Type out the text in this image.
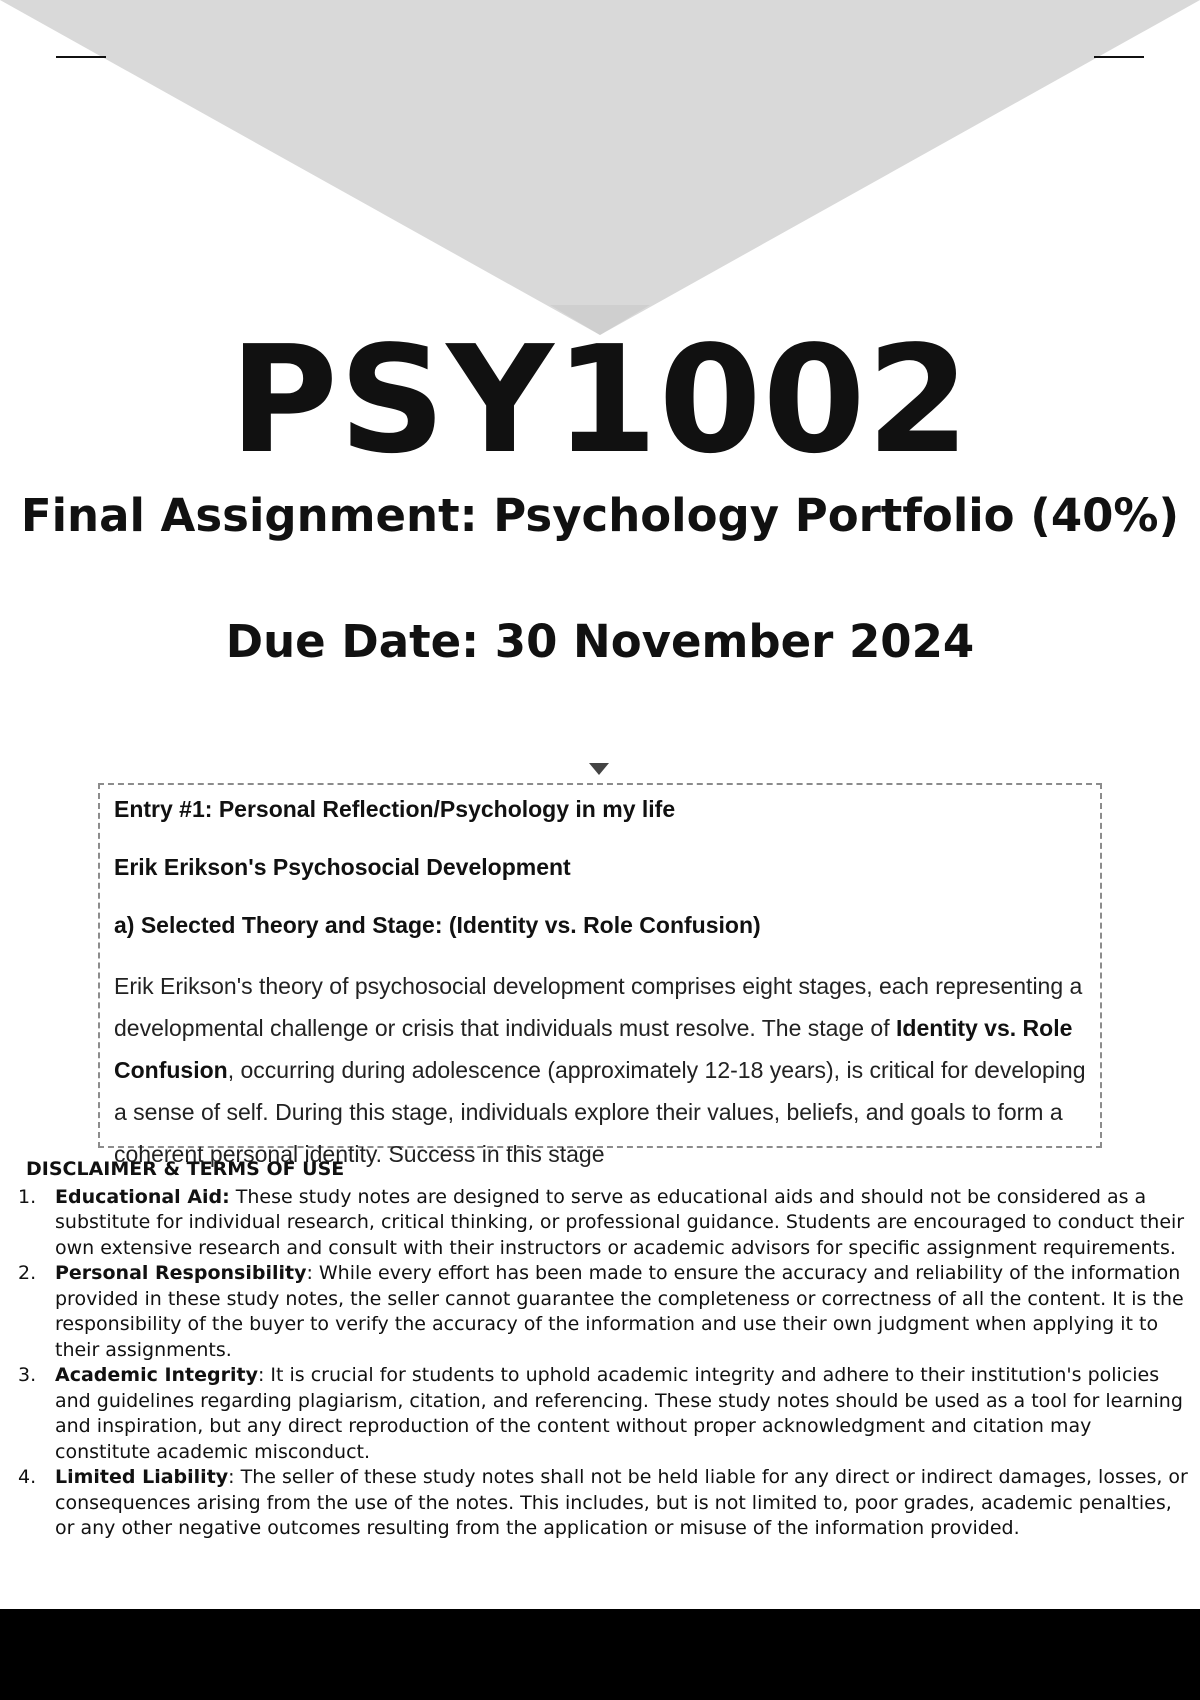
PSY1002
Final Assignment: Psychology Portfolio (40%)
Due Date: 30 November 2024
Entry #1: Personal Reflection/Psychology in my life
Erik Erikson's Psychosocial Development
a) Selected Theory and Stage: (Identity vs. Role Confusion)

Erik Erikson's theory of psychosocial development comprises eight stages, each representing a developmental challenge or crisis that individuals must resolve. The stage of Identity vs. Role Confusion, occurring during adolescence (approximately 12-18 years), is critical for developing a sense of self. During this stage, individuals explore their values, beliefs, and goals to form a coherent personal identity. Success in this stage

DISCLAIMER & TERMS OF USE
1. Educational Aid: These study notes are designed to serve as educational aids and should not be considered as a substitute for individual research, critical thinking, or professional guidance. Students are encouraged to conduct their own extensive research and consult with their instructors or academic advisors for specific assignment requirements.
2. Personal Responsibility: While every effort has been made to ensure the accuracy and reliability of the information provided in these study notes, the seller cannot guarantee the completeness or correctness of all the content. It is the responsibility of the buyer to verify the accuracy of the information and use their own judgment when applying it to their assignments.
3. Academic Integrity: It is crucial for students to uphold academic integrity and adhere to their institution's policies and guidelines regarding plagiarism, citation, and referencing. These study notes should be used as a tool for learning and inspiration, but any direct reproduction of the content without proper acknowledgment and citation may constitute academic misconduct.
4. Limited Liability: The seller of these study notes shall not be held liable for any direct or indirect damages, losses, or consequences arising from the use of the notes. This includes, but is not limited to, poor grades, academic penalties, or any other negative outcomes resulting from the application or misuse of the information provided.
